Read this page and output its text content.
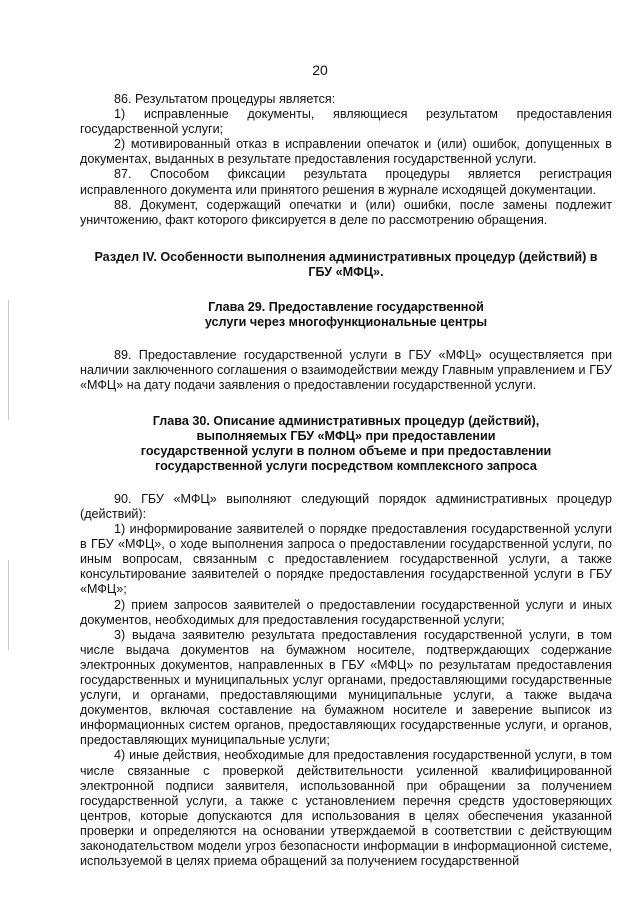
20

86. Результатом процедуры является:

1) исправленные документы, являющиеся результатом предоставления государственной услуги;

2) мотивированный отказ в исправлении опечаток и (или) ошибок, допущенных в документах, выданных в результате предоставления государственной услуги.

87. Способом фиксации результата процедуры является регистрация исправленного документа или принятого решения в журнале исходящей документации.

88. Документ, содержащий опечатки и (или) ошибки, после замены подлежит уничтожению, факт которого фиксируется в деле по рассмотрению обращения.

Раздел IV. Особенности выполнения административных процедур (действий) в
ГБУ «МФЦ».

Глава 29. Предоставление государственной
услуги через многофункциональные центры

89. Предоставление государственной услуги в ГБУ «МФЦ» осуществляется при наличии заключенного соглашения о взаимодействии между Главным управлением и ГБУ «МФЦ» на дату подачи заявления о предоставлении государственной услуги.

Глава 30. Описание административных процедур (действий),
выполняемых ГБУ «МФЦ» при предоставлении
государственной услуги в полном объеме и при предоставлении
государственной услуги посредством комплексного запроса

90. ГБУ «МФЦ» выполняют следующий порядок административных процедур (действий):

1) информирование заявителей о порядке предоставления государственной услуги в ГБУ «МФЦ», о ходе выполнения запроса о предоставлении государственной услуги, по иным вопросам, связанным с предоставлением государственной услуги, а также консультирование заявителей о порядке предоставления государственной услуги в ГБУ «МФЦ»;

2) прием запросов заявителей о предоставлении государственной услуги и иных документов, необходимых для предоставления государственной услуги;

3) выдача заявителю результата предоставления государственной услуги, в том числе выдача документов на бумажном носителе, подтверждающих содержание электронных документов, направленных в ГБУ «МФЦ» по результатам предоставления государственных и муниципальных услуг органами, предоставляющими государственные услуги, и органами, предоставляющими муниципальные услуги, а также выдача документов, включая составление на бумажном носителе и заверение выписок из информационных систем органов, предоставляющих государственные услуги, и органов, предоставляющих муниципальные услуги;

4) иные действия, необходимые для предоставления государственной услуги, в том числе связанные с проверкой действительности усиленной квалифицированной электронной подписи заявителя, использованной при обращении за получением государственной услуги, а также с установлением перечня средств удостоверяющих центров, которые допускаются для использования в целях обеспечения указанной проверки и определяются на основании утверждаемой в соответствии с действующим законодательством модели угроз безопасности информации в информационной системе, используемой в целях приема обращений за получением государственной
